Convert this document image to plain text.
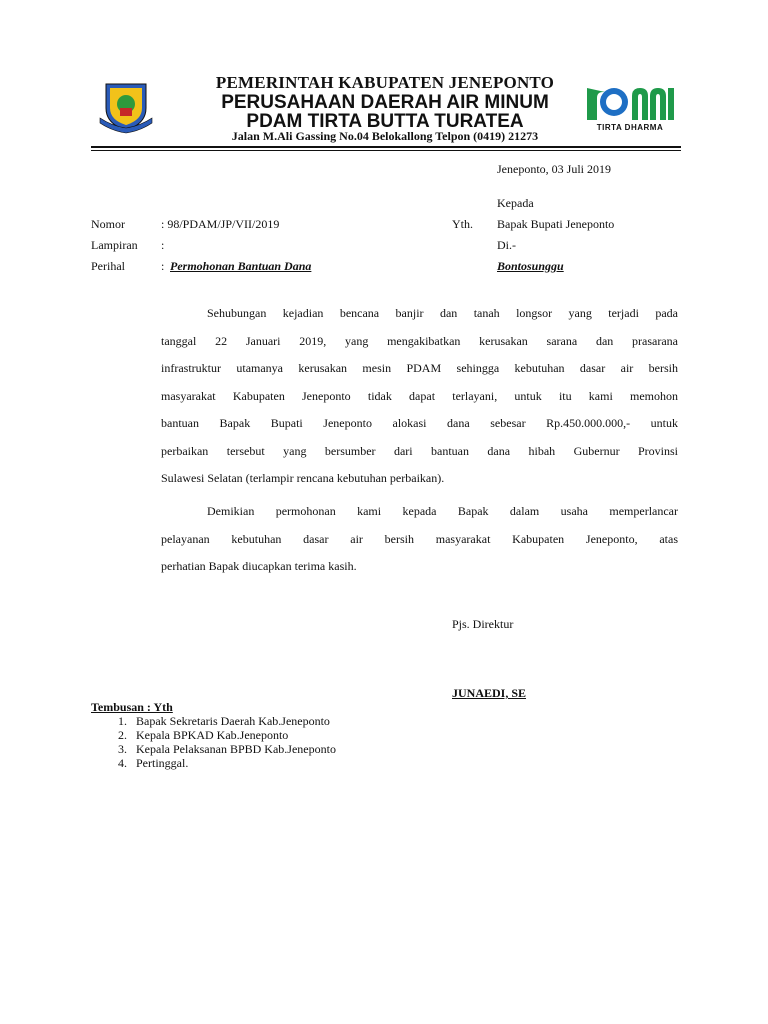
TIRTA DHARMA
PEMERINTAH KABUPATEN JENEPONTO
PERUSAHAAN DAERAH AIR MINUM
PDAM TIRTA BUTTA TURATEA
Jalan M.Ali Gassing No.04 Belokallong Telpon (0419) 21273
Jeneponto, 03 Juli 2019
Kepada
Yth. Bapak Bupati Jeneponto
Di.-
Bontosunggu
Nomor	: 98/PDAM/JP/VII/2019
Lampiran :
Perihal	: Permohonan Bantuan Dana
Sehubungan kejadian bencana banjir dan tanah longsor yang terjadi pada
tanggal 22 Januari 2019, yang mengakibatkan kerusakan sarana dan prasarana
infrastruktur utamanya kerusakan mesin PDAM sehingga kebutuhan dasar air bersih
masyarakat Kabupaten Jeneponto tidak dapat terlayani, untuk itu kami memohon
bantuan Bapak Bupati Jeneponto alokasi dana sebesar Rp.450.000.000,- untuk
perbaikan tersebut yang bersumber dari bantuan dana hibah Gubernur Provinsi
Sulawesi Selatan (terlampir rencana kebutuhan perbaikan).
Demikian permohonan kami kepada Bapak dalam usaha memperlancar
pelayanan kebutuhan dasar air bersih masyarakat Kabupaten Jeneponto, atas
perhatian Bapak diucapkan terima kasih.
Pjs. Direktur
JUNAEDI, SE
Tembusan : Yth
1. Bapak Sekretaris Daerah Kab.Jeneponto
2. Kepala BPKAD Kab.Jeneponto
3. Kepala Pelaksanan BPBD Kab.Jeneponto
4. Pertinggal.
